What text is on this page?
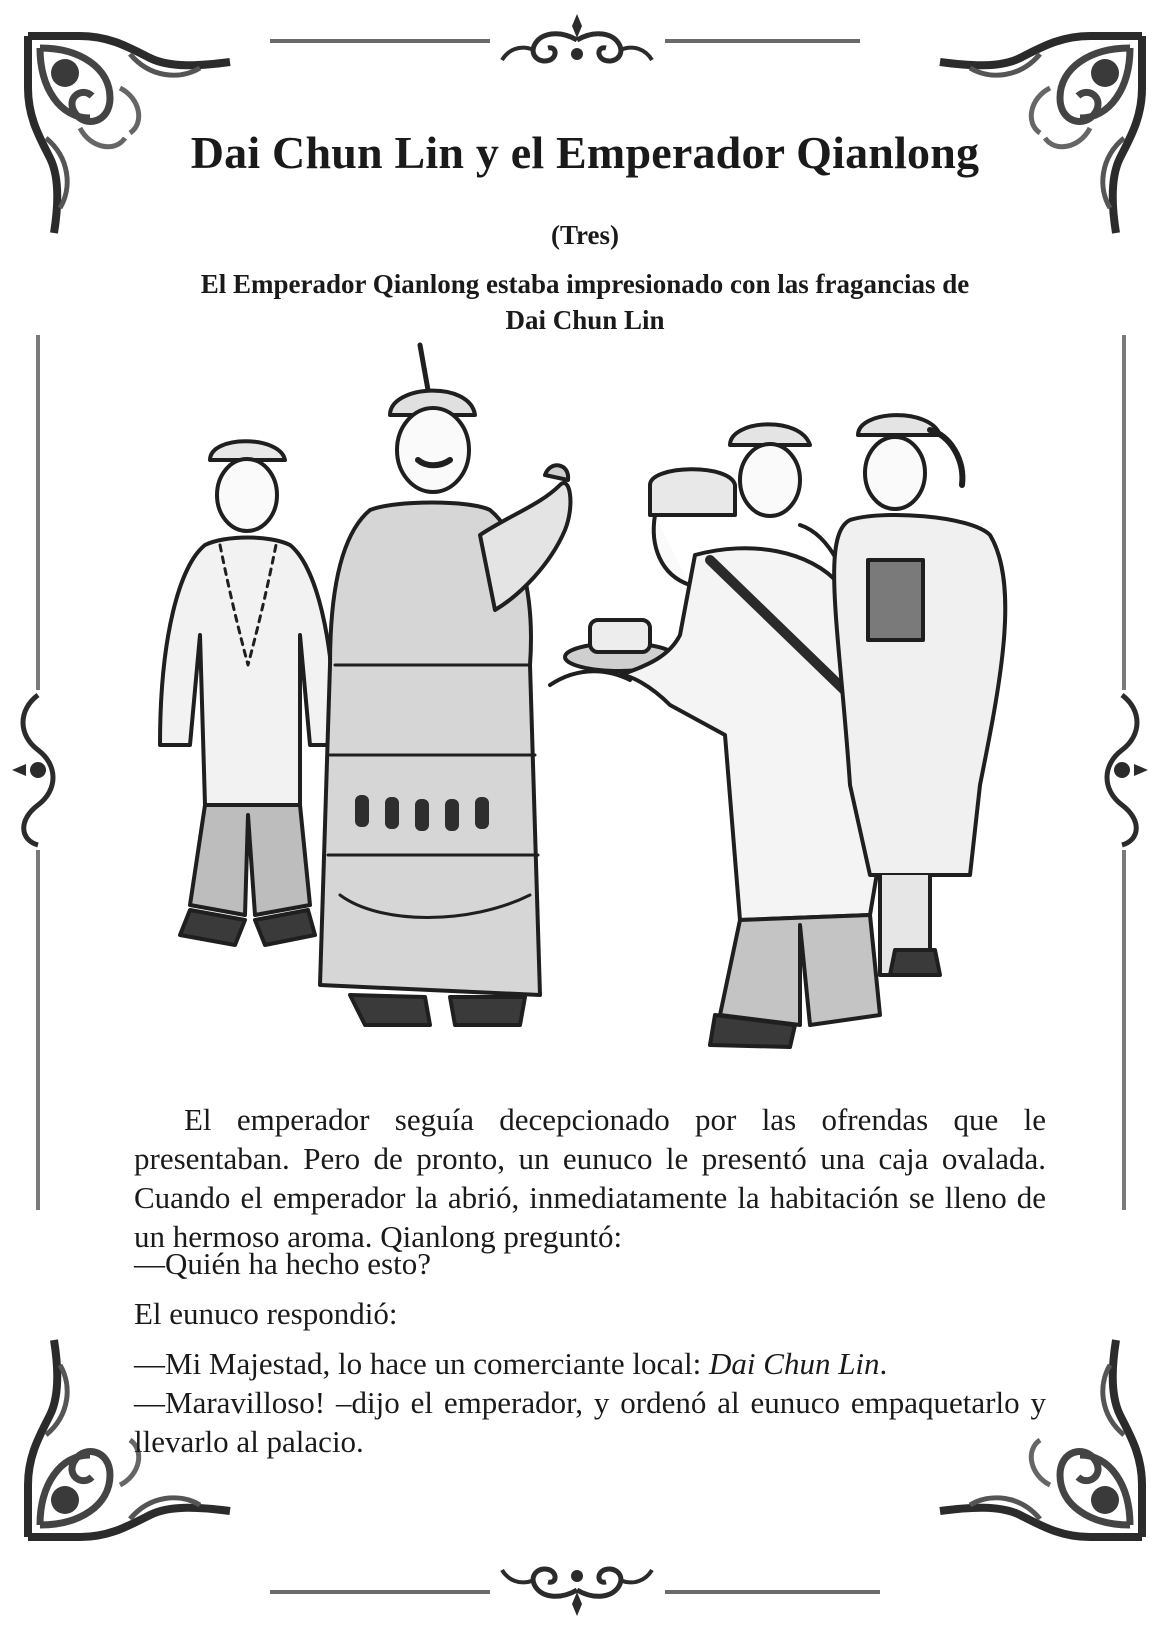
Dai Chun Lin y el Emperador Qianlong
(Tres)
El Emperador Qianlong estaba impresionado con las fragancias de Dai Chun Lin
El emperador seguía decepcionado por las ofrendas que le presentaban. Pero de pronto, un eunuco le presentó una caja ovalada. Cuando el emperador la abrió, inmediatamente la habitación se lleno de un hermoso aroma. Qianlong preguntó:
—Quién ha hecho esto?
El eunuco respondió:
—Mi Majestad, lo hace un comerciante local: Dai Chun Lin.
—Maravilloso! –dijo el emperador, y ordenó al eunuco empaquetarlo y llevarlo al palacio.
